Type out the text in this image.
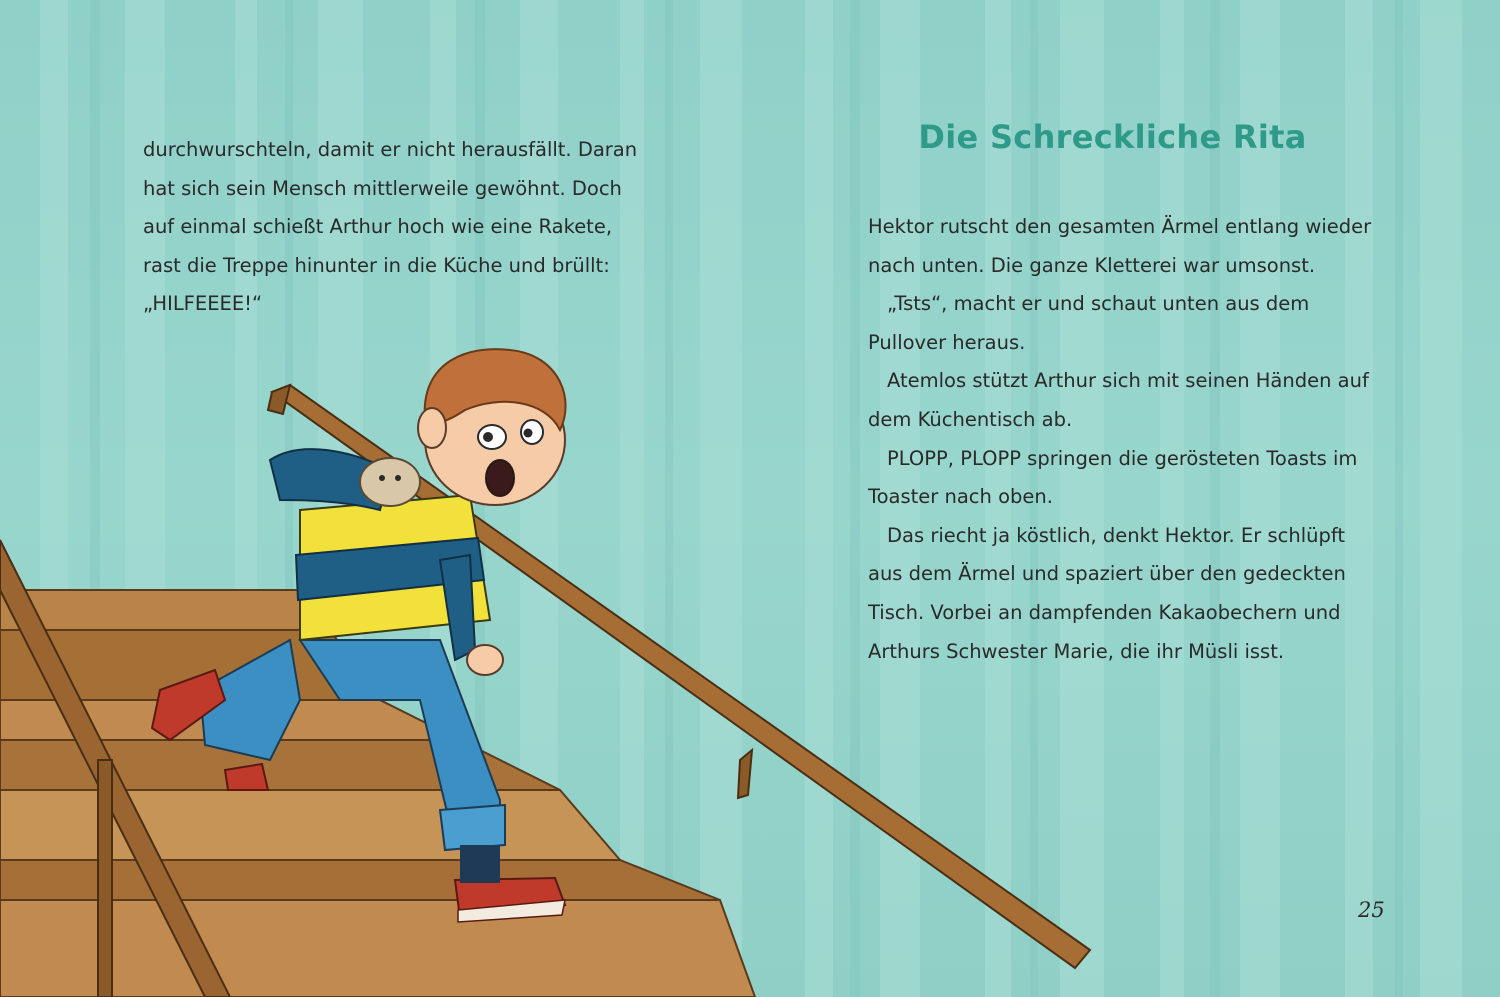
durchwurschteln, damit er nicht herausfällt. Daran
hat sich sein Mensch mittlerweile gewöhnt. Doch
auf einmal schießt Arthur hoch wie eine Rakete,
rast die Treppe hinunter in die Küche und brüllt:
„HILFEEEE!“
Die Schreckliche Rita
Hektor rutscht den gesamten Ärmel entlang wieder
nach unten. Die ganze Kletterei war umsonst.
„Tsts“, macht er und schaut unten aus dem
Pullover heraus.
Atemlos stützt Arthur sich mit seinen Händen auf
dem Küchentisch ab.
PLOPP, PLOPP springen die gerösteten Toasts im
Toaster nach oben.
Das riecht ja köstlich, denkt Hektor. Er schlüpft
aus dem Ärmel und spaziert über den gedeckten
Tisch. Vorbei an dampfenden Kakaobechern und
Arthurs Schwester Marie, die ihr Müsli isst.
25
